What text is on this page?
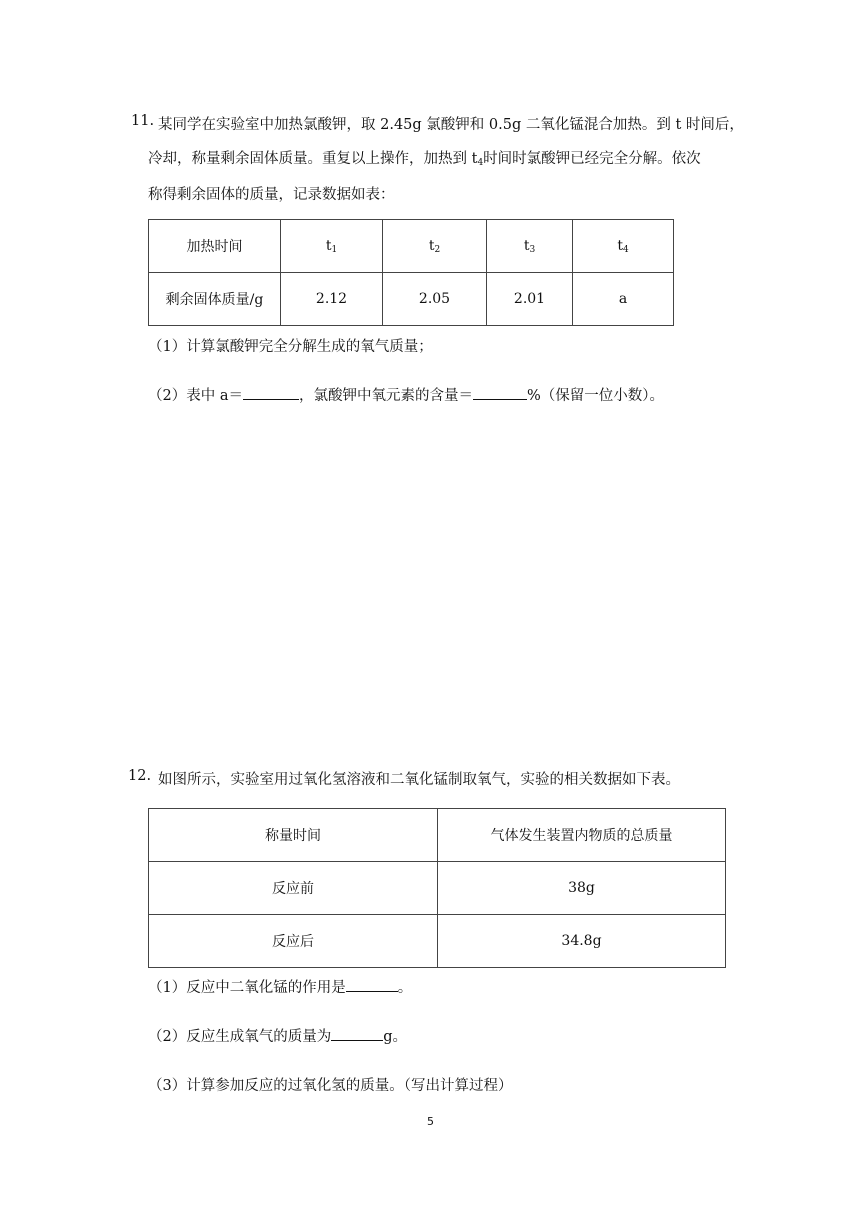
11. 某同学在实验室中加热氯酸钾，取 2.45g 氯酸钾和 0.5g 二氧化锰混合加热。到 t 时间后，
冷却，称量剩余固体质量。重复以上操作，加热到 $t_4$时间时氯酸钾已经完全分解。依次
称得剩余固体的质量，记录数据如表：
加热时间	$t_1$	$t_2$	$t_3$	$t_4$
剩余固体质量/g	2.12	2.05	2.01	a
（1）计算氯酸钾完全分解生成的氧气质量；
（2）表中 a＝	，氯酸钾中氧元素的含量＝	%（保留一位小数）。
12. 如图所示，实验室用过氧化氢溶液和二氧化锰制取氧气，实验的相关数据如下表。
称量时间	气体发生装置内物质的总质量
反应前	38g
反应后	34.8g
（1）反应中二氧化锰的作用是	。
（2）反应生成氧气的质量为	g。
（3）计算参加反应的过氧化氢的质量。（写出计算过程）
5
